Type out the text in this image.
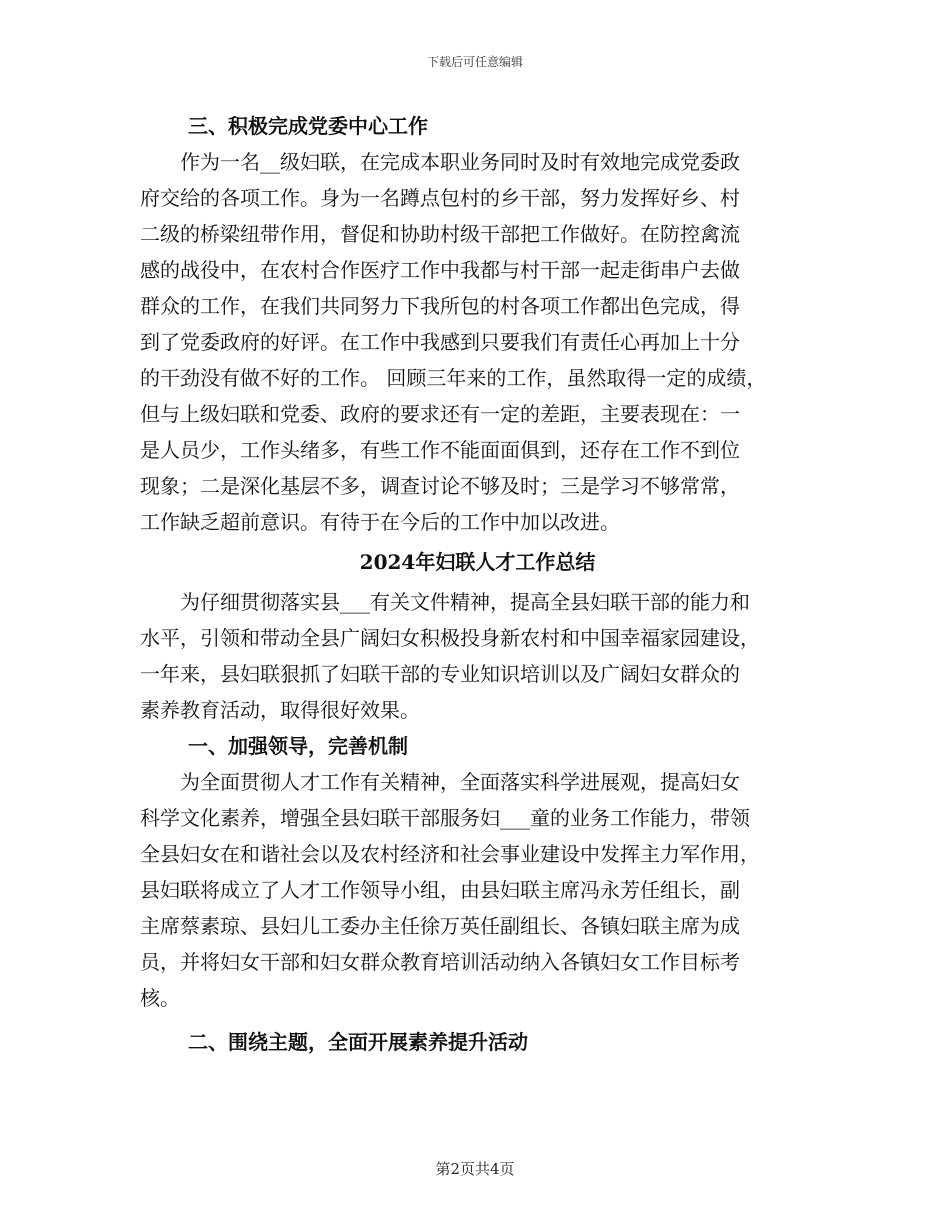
下载后可任意编辑

三、积极完成党委中心工作

　　作为一名__级妇联，在完成本职业务同时及时有效地完成党委政
府交给的各项工作。身为一名蹲点包村的乡干部，努力发挥好乡、村
二级的桥梁纽带作用，督促和协助村级干部把工作做好。在防控禽流
感的战役中，在农村合作医疗工作中我都与村干部一起走街串户去做
群众的工作，在我们共同努力下我所包的村各项工作都出色完成，得
到了党委政府的好评。在工作中我感到只要我们有责任心再加上十分
的干劲没有做不好的工作。 回顾三年来的工作，虽然取得一定的成绩，
但与上级妇联和党委、政府的要求还有一定的差距，主要表现在：一
是人员少，工作头绪多，有些工作不能面面俱到，还存在工作不到位
现象；二是深化基层不多，调查讨论不够及时；三是学习不够常常，
工作缺乏超前意识。有待于在今后的工作中加以改进。

2024年妇联人才工作总结

　　为仔细贯彻落实县___有关文件精神，提高全县妇联干部的能力和
水平，引领和带动全县广阔妇女积极投身新农村和中国幸福家园建设，
一年来，县妇联狠抓了妇联干部的专业知识培训以及广阔妇女群众的
素养教育活动，取得很好效果。

一、加强领导，完善机制

　　为全面贯彻人才工作有关精神，全面落实科学进展观，提高妇女
科学文化素养，增强全县妇联干部服务妇___童的业务工作能力，带领
全县妇女在和谐社会以及农村经济和社会事业建设中发挥主力军作用，
县妇联将成立了人才工作领导小组，由县妇联主席冯永芳任组长，副
主席蔡素琼、县妇儿工委办主任徐万英任副组长、各镇妇联主席为成
员，并将妇女干部和妇女群众教育培训活动纳入各镇妇女工作目标考
核。

二、围绕主题，全面开展素养提升活动

第2页共4页
